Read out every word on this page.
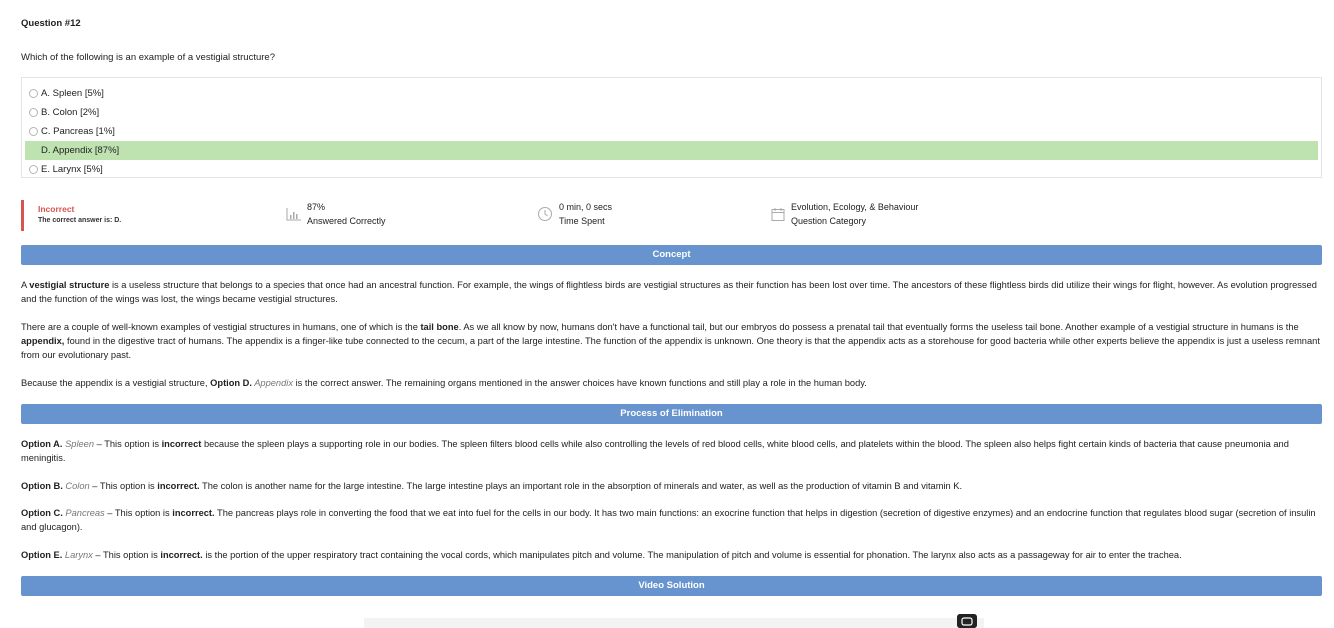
Question #12
Which of the following is an example of a vestigial structure?
A. Spleen [5%]
B. Colon [2%]
C. Pancreas [1%]
D. Appendix [87%]
E. Larynx [5%]
Incorrect
The correct answer is: D.
87%
Answered Correctly
0 min, 0 secs
Time Spent
Evolution, Ecology, & Behaviour
Question Category
Concept
A vestigial structure is a useless structure that belongs to a species that once had an ancestral function. For example, the wings of flightless birds are vestigial structures as their function has been lost over time. The ancestors of these flightless birds did utilize their wings for flight, however. As evolution progressed and the function of the wings was lost, the wings became vestigial structures.
There are a couple of well-known examples of vestigial structures in humans, one of which is the tail bone. As we all know by now, humans don't have a functional tail, but our embryos do possess a prenatal tail that eventually forms the useless tail bone. Another example of a vestigial structure in humans is the appendix, found in the digestive tract of humans. The appendix is a finger-like tube connected to the cecum, a part of the large intestine. The function of the appendix is unknown. One theory is that the appendix acts as a storehouse for good bacteria while other experts believe the appendix is just a useless remnant from our evolutionary past.
Because the appendix is a vestigial structure, Option D. Appendix is the correct answer. The remaining organs mentioned in the answer choices have known functions and still play a role in the human body.
Process of Elimination
Option A. Spleen – This option is incorrect because the spleen plays a supporting role in our bodies. The spleen filters blood cells while also controlling the levels of red blood cells, white blood cells, and platelets within the blood. The spleen also helps fight certain kinds of bacteria that cause pneumonia and meningitis.
Option B. Colon – This option is incorrect. The colon is another name for the large intestine. The large intestine plays an important role in the absorption of minerals and water, as well as the production of vitamin B and vitamin K.
Option C. Pancreas – This option is incorrect. The pancreas plays role in converting the food that we eat into fuel for the cells in our body. It has two main functions: an exocrine function that helps in digestion (secretion of digestive enzymes) and an endocrine function that regulates blood sugar (secretion of insulin and glucagon).
Option E. Larynx – This option is incorrect. is the portion of the upper respiratory tract containing the vocal cords, which manipulates pitch and volume. The manipulation of pitch and volume is essential for phonation. The larynx also acts as a passageway for air to enter the trachea.
Video Solution
